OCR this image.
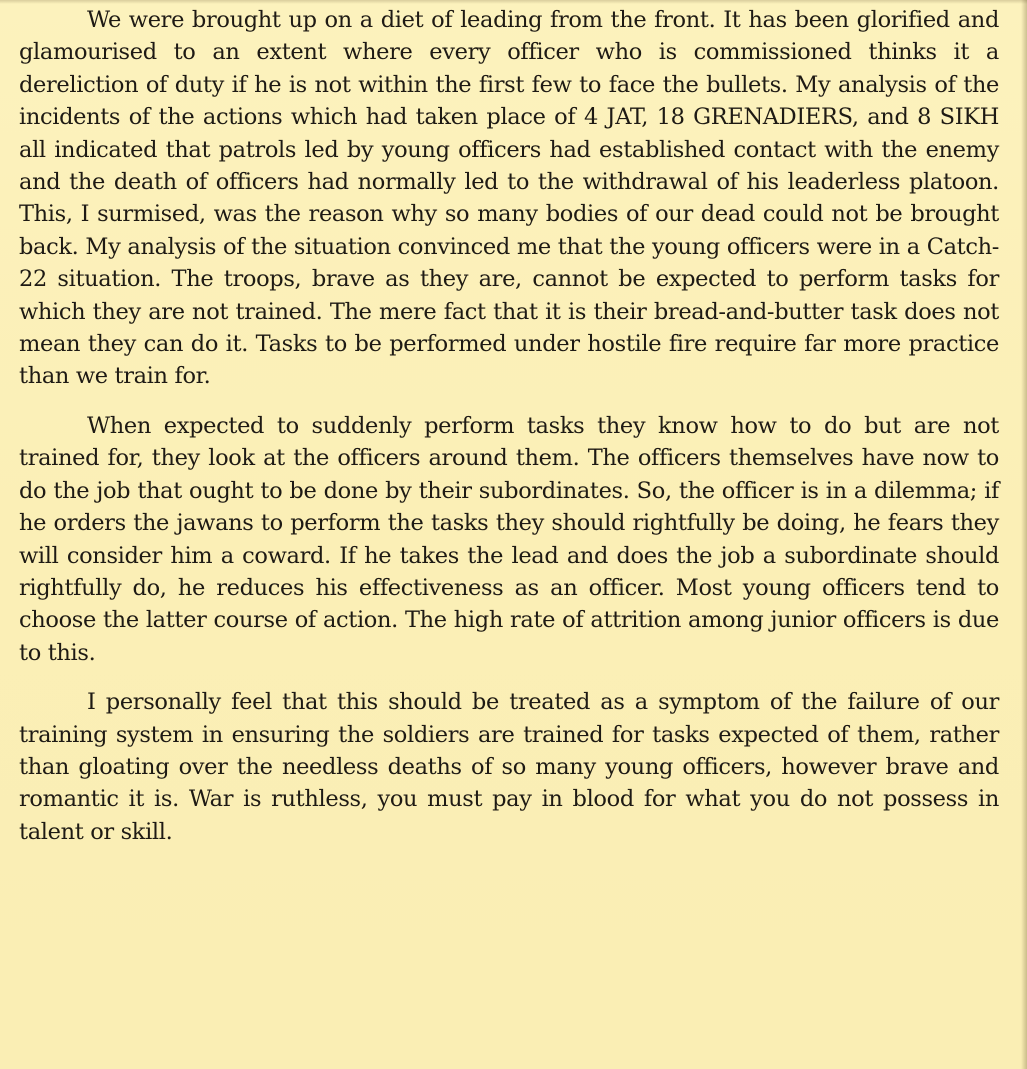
We were brought up on a diet of leading from the front. It has been glorified and glamourised to an extent where every officer who is commissioned thinks it a dereliction of duty if he is not within the first few to face the bullets. My analysis of the incidents of the actions which had taken place of 4 JAT, 18 GRENADIERS, and 8 SIKH all indicated that patrols led by young officers had established contact with the enemy and the death of officers had normally led to the withdrawal of his leaderless platoon. This, I surmised, was the reason why so many bodies of our dead could not be brought back. My analysis of the situation convinced me that the young officers were in a Catch-22 situation. The troops, brave as they are, cannot be expected to perform tasks for which they are not trained. The mere fact that it is their bread-and-butter task does not mean they can do it. Tasks to be performed under hostile fire require far more practice than we train for.

When expected to suddenly perform tasks they know how to do but are not trained for, they look at the officers around them. The officers themselves have now to do the job that ought to be done by their subordinates. So, the officer is in a dilemma; if he orders the jawans to perform the tasks they should rightfully be doing, he fears they will consider him a coward. If he takes the lead and does the job a subordinate should rightfully do, he reduces his effectiveness as an officer. Most young officers tend to choose the latter course of action. The high rate of attrition among junior officers is due to this.

I personally feel that this should be treated as a symptom of the failure of our training system in ensuring the soldiers are trained for tasks expected of them, rather than gloating over the needless deaths of so many young officers, however brave and romantic it is. War is ruthless, you must pay in blood for what you do not possess in talent or skill.
